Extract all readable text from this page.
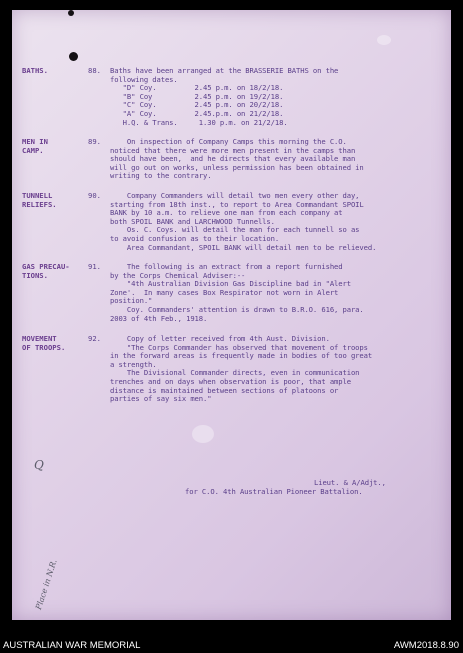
BATHS.	88. Baths have been arranged at the BRASSERIE BATHS on the
following dates.
"D" Coy.         2.45 p.m. on 18/2/18.
"B" Coy          2.45 p.m. on 19/2/18.
"C" Coy.         2.45 p.m. on 20/2/18.
"A" Coy.         2.45.p.m. on 21/2/18.
H.Q. & Trans.     1.30 p.m. on 21/2/18.
MEN IN
CAMP.
89. On inspection of Company Camps this morning the C.O.
noticed that there were more men present in the camps than
should have been,  and he directs that every available man
will go out on works, unless permission has been obtained in
writing to the contrary.
TUNNELL
RELIEFS.
90. Company Commanders will detail two men every other day,
starting from 18th inst., to report to Area Commandant SPOIL
BANK by 10 a.m. to relieve one man from each company at
both SPOIL BANK and LARCHWOOD Tunnells.
Os. C. Coys. will detail the man for each tunnell so as
to avoid confusion as to their location.
Area Commandant, SPOIL BANK will detail men to be relieved.
GAS PRECAU-
TIONS.
91. The following is an extract from a report furnished
by the Corps Chemical Adviser:--
"4th Australian Division Gas Discipline bad in "Alert
Zone'.  In many cases Box Respirator not worn in Alert
position."
Coy. Commanders' attention is drawn to B.R.O. 616, para.
2003 of 4th Feb., 1918.
MOVEMENT
OF TROOPS.
92. Copy of letter received from 4th Aust. Division.
"The Corps Commander has observed that movement of troops
in the forward areas is frequently made in bodies of too great
a strength.
The Divisional Commander directs, even in communication
trenches and on days when observation is poor, that ample
distance is maintained between sections of platoons or
parties of say six men."
Lieut. & A/Adjt.,
for C.O. 4th Australian Pioneer Battalion.
Q
Place in N.R.
AUSTRALIAN WAR MEMORIAL	AWM2018.8.90
